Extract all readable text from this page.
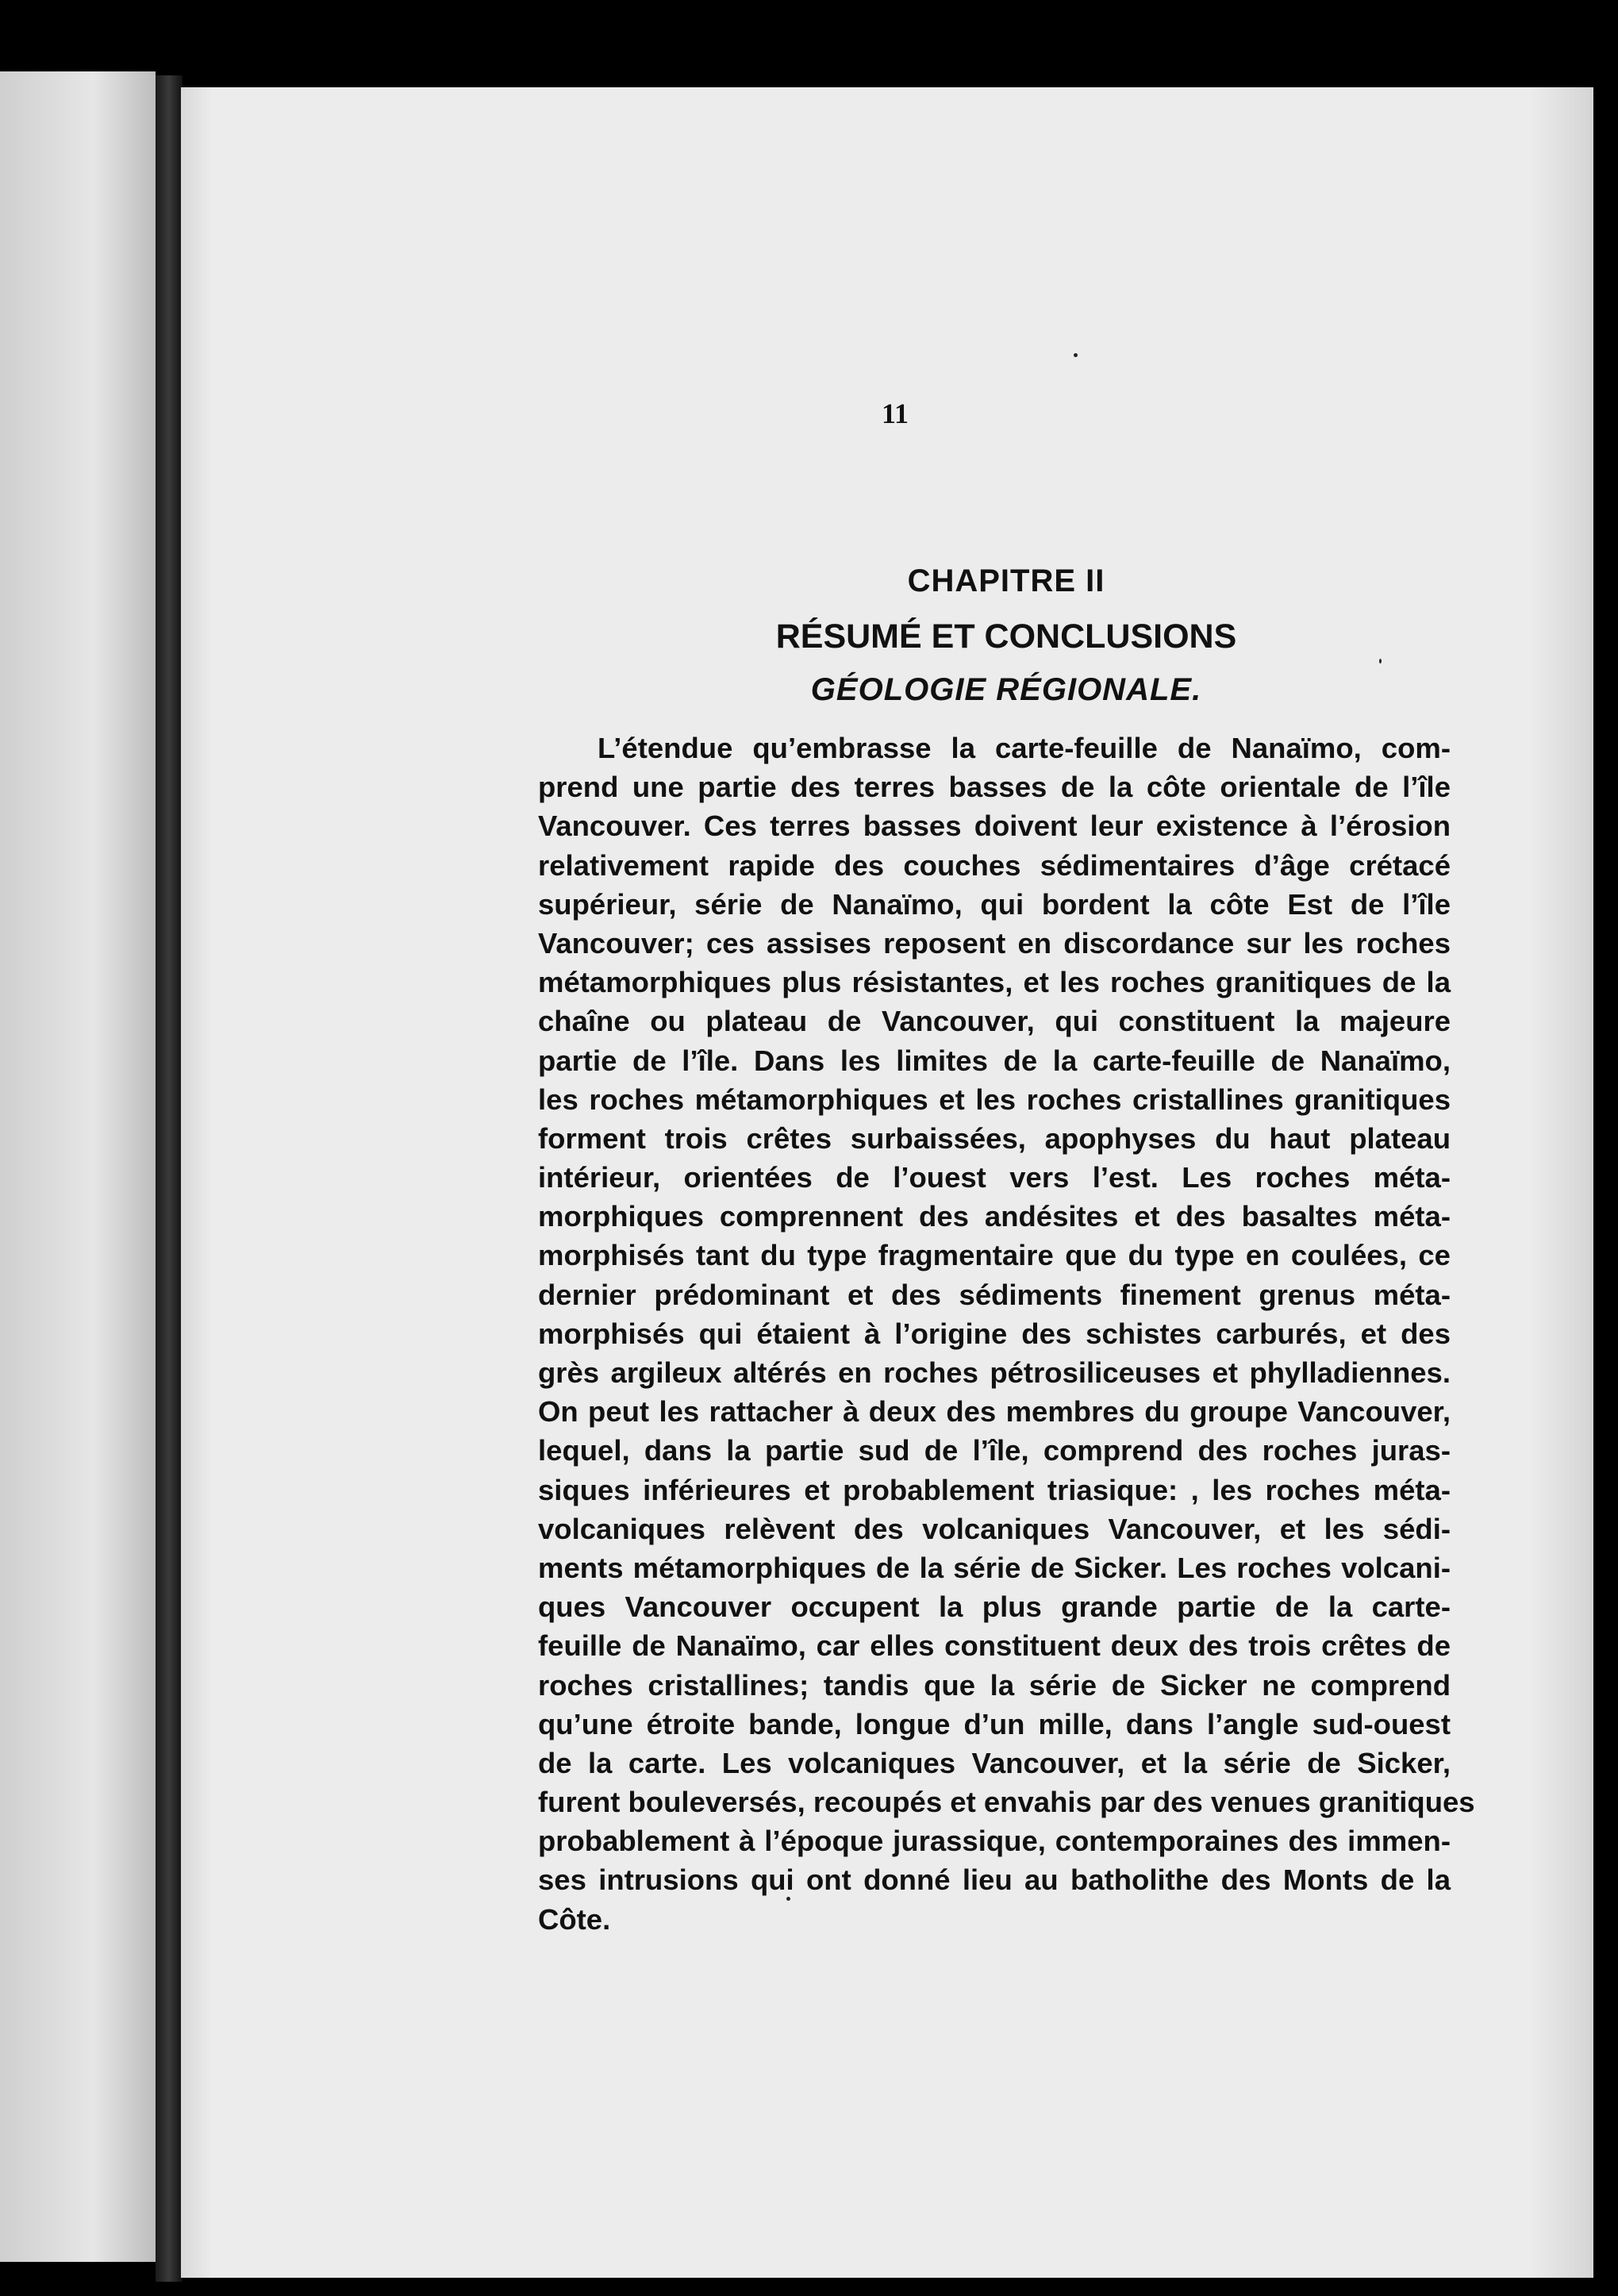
11
CHAPITRE II
RÉSUMÉ ET CONCLUSIONS
GÉOLOGIE RÉGIONALE.
L’étendue qu’embrasse la carte-feuille de Nanaïmo, com-
prend une partie des terres basses de la côte orientale de l’île
Vancouver. Ces terres basses doivent leur existence à l’érosion
relativement rapide des couches sédimentaires d’âge crétacé
supérieur, série de Nanaïmo, qui bordent la côte Est de l’île
Vancouver; ces assises reposent en discordance sur les roches
métamorphiques plus résistantes, et les roches granitiques de la
chaîne ou plateau de Vancouver, qui constituent la majeure
partie de l’île. Dans les limites de la carte-feuille de Nanaïmo,
les roches métamorphiques et les roches cristallines granitiques
forment trois crêtes surbaissées, apophyses du haut plateau
intérieur, orientées de l’ouest vers l’est. Les roches méta-
morphiques comprennent des andésites et des basaltes méta-
morphisés tant du type fragmentaire que du type en coulées, ce
dernier prédominant et des sédiments finement grenus méta-
morphisés qui étaient à l’origine des schistes carburés, et des
grès argileux altérés en roches pétrosiliceuses et phylladiennes.
On peut les rattacher à deux des membres du groupe Vancouver,
lequel, dans la partie sud de l’île, comprend des roches juras-
siques inférieures et probablement triasique: , les roches méta-
volcaniques relèvent des volcaniques Vancouver, et les sédi-
ments métamorphiques de la série de Sicker. Les roches volcani-
ques Vancouver occupent la plus grande partie de la carte-
feuille de Nanaïmo, car elles constituent deux des trois crêtes de
roches cristallines; tandis que la série de Sicker ne comprend
qu’une étroite bande, longue d’un mille, dans l’angle sud-ouest
de la carte. Les volcaniques Vancouver, et la série de Sicker,
furent bouleversés, recoupés et envahis par des venues granitiques
probablement à l’époque jurassique, contemporaines des immen-
ses intrusions qui ont donné lieu au batholithe des Monts de la
Côte.
